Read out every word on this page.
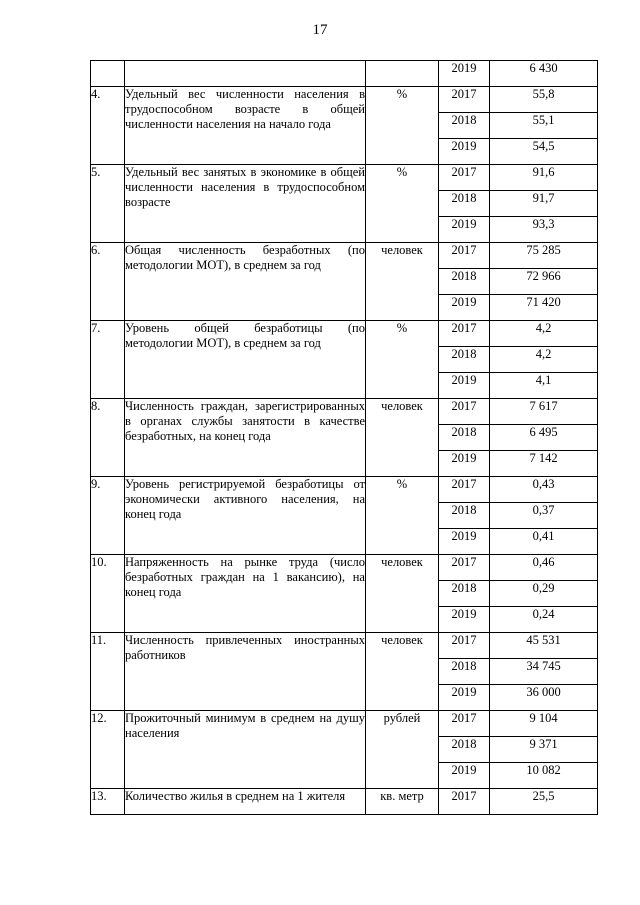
17
			2019	6 430
4.	Удельный вес численности населения в трудоспособном возрасте в общей численности населения на начало года	%	2017	55,8
			2018	55,1
			2019	54,5
5.	Удельный вес занятых в экономике в общей численности населения в трудоспособном возрасте	%	2017	91,6
			2018	91,7
			2019	93,3
6.	Общая численность безработных (по методологии МОТ), в среднем за год	человек	2017	75 285
			2018	72 966
			2019	71 420
7.	Уровень общей безработицы (по методологии МОТ), в среднем за год	%	2017	4,2
			2018	4,2
			2019	4,1
8.	Численность граждан, зарегистрированных в органах службы занятости в качестве безработных, на конец года	человек	2017	7 617
			2018	6 495
			2019	7 142
9.	Уровень регистрируемой безработицы от экономически активного населения, на конец года	%	2017	0,43
			2018	0,37
			2019	0,41
10.	Напряженность на рынке труда (число безработных граждан на 1 вакансию), на конец года	человек	2017	0,46
			2018	0,29
			2019	0,24
11.	Численность привлеченных иностранных работников	человек	2017	45 531
			2018	34 745
			2019	36 000
12.	Прожиточный минимум в среднем на душу населения	рублей	2017	9 104
			2018	9 371
			2019	10 082
13.	Количество жилья в среднем на 1 жителя	кв. метр	2017	25,5
